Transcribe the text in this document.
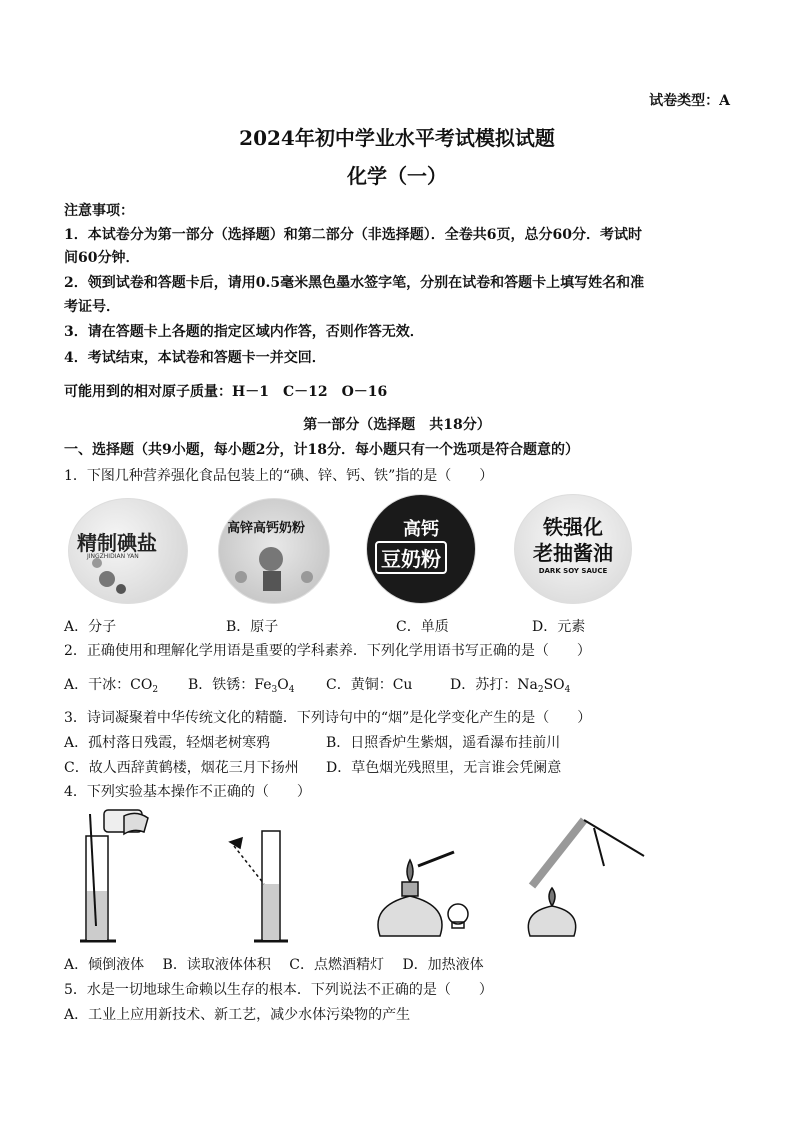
试卷类型：A
2024年初中学业水平考试模拟试题
化学（一）
注意事项：
1．本试卷分为第一部分（选择题）和第二部分（非选择题）．全卷共6页，总分60分．考试时
间60分钟．
2．领到试卷和答题卡后，请用0.5毫米黑色墨水签字笔，分别在试卷和答题卡上填写姓名和准
考证号．
3．请在答题卡上各题的指定区域内作答，否则作答无效．
4．考试结束，本试卷和答题卡一并交回．
可能用到的相对原子质量：H－1　C－12　O－16
第一部分（选择题　共18分）
一、选择题（共9小题，每小题2分，计18分．每小题只有一个选项是符合题意的）
1．下图几种营养强化食品包装上的“碘、锌、钙、铁”指的是（　　）
精制碘盐
JINGZHIDIAN YAN
高锌高钙奶粉	高钙
豆奶粉
铁强化
老抽酱油
DARK SOY SAUCE
A．分子	B．原子	C．单质	D．元素
2．正确使用和理解化学用语是重要的学科素养．下列化学用语书写正确的是（　　）
A．干冰：$CO_2$ B．铁锈：$Fe_3O_4$ C．黄铜：Cu	D．苏打：$Na_2SO_4$
3．诗词凝聚着中华传统文化的精髓．下列诗句中的“烟”是化学变化产生的是（　　）
A．孤村落日残霞，轻烟老树寒鸦	B．日照香炉生紫烟，遥看瀑布挂前川
C．故人西辞黄鹤楼，烟花三月下扬州 D．草色烟光残照里，无言谁会凭阑意
4．下列实验基本操作不正确的（　　）
A．倾倒液体　 B．读取液体体积　 C．点燃酒精灯　 D．加热液体
5．水是一切地球生命赖以生存的根本．下列说法不正确的是（　　）
A．工业上应用新技术、新工艺，减少水体污染物的产生
